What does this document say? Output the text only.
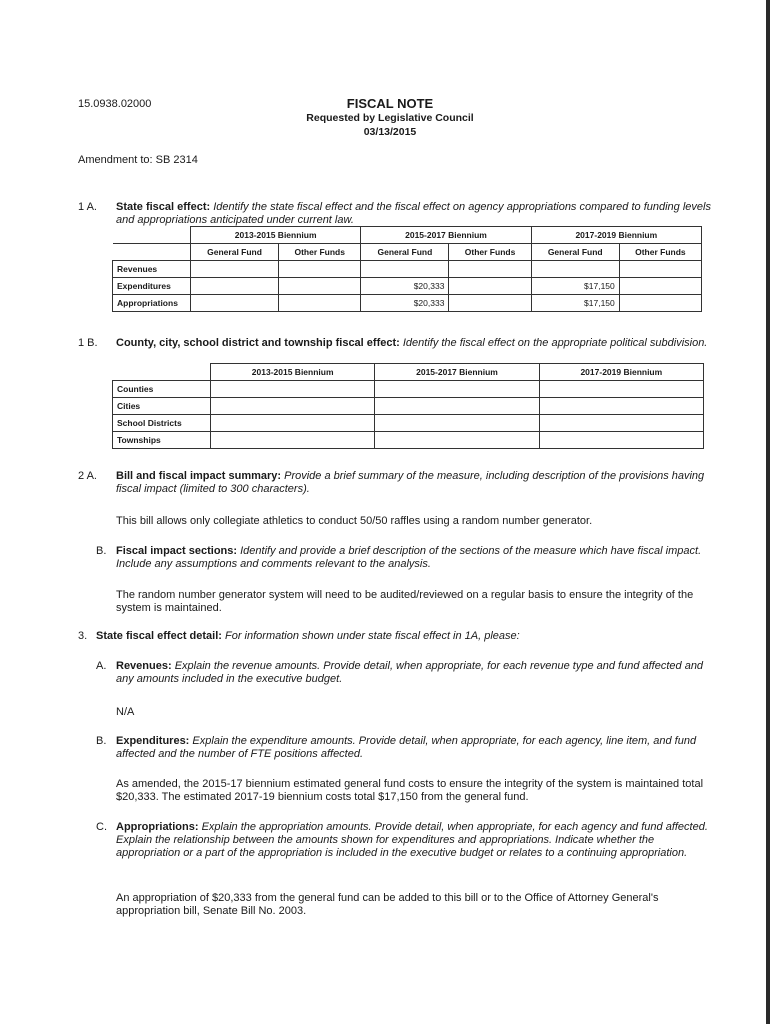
15.0938.02000	FISCAL NOTE
Requested by Legislative Council
03/13/2015
Amendment to: SB 2314
1 A. State fiscal effect: Identify the state fiscal effect and the fiscal effect on agency appropriations compared to funding levels and appropriations anticipated under current law.
	2013-2015 Biennium		2015-2017 Biennium		2017-2019 Biennium	
	General Fund	Other Funds	General Fund	Other Funds	General Fund	Other Funds
Revenues						
Expenditures			$20,333		$17,150	
Appropriations			$20,333		$17,150	
1 B. County, city, school district and township fiscal effect: Identify the fiscal effect on the appropriate political subdivision.
	2013-2015 Biennium	2015-2017 Biennium	2017-2019 Biennium
Counties			
Cities			
School Districts			
Townships			
2 A. Bill and fiscal impact summary: Provide a brief summary of the measure, including description of the provisions having fiscal impact (limited to 300 characters).

This bill allows only collegiate athletics to conduct 50/50 raffles using a random number generator.

B. Fiscal impact sections: Identify and provide a brief description of the sections of the measure which have fiscal impact. Include any assumptions and comments relevant to the analysis.

The random number generator system will need to be audited/reviewed on a regular basis to ensure the integrity of the system is maintained.

3. State fiscal effect detail: For information shown under state fiscal effect in 1A, please:
A. Revenues: Explain the revenue amounts. Provide detail, when appropriate, for each revenue type and fund affected and any amounts included in the executive budget.

N/A

B. Expenditures: Explain the expenditure amounts. Provide detail, when appropriate, for each agency, line item, and fund affected and the number of FTE positions affected.

As amended, the 2015-17 biennium estimated general fund costs to ensure the integrity of the system is maintained total $20,333. The estimated 2017-19 biennium costs total $17,150 from the general fund.

C. Appropriations: Explain the appropriation amounts. Provide detail, when appropriate, for each agency and fund affected. Explain the relationship between the amounts shown for expenditures and appropriations. Indicate whether the appropriation or a part of the appropriation is included in the executive budget or relates to a continuing appropriation.

An appropriation of $20,333 from the general fund can be added to this bill or to the Office of Attorney General's appropriation bill, Senate Bill No. 2003.
